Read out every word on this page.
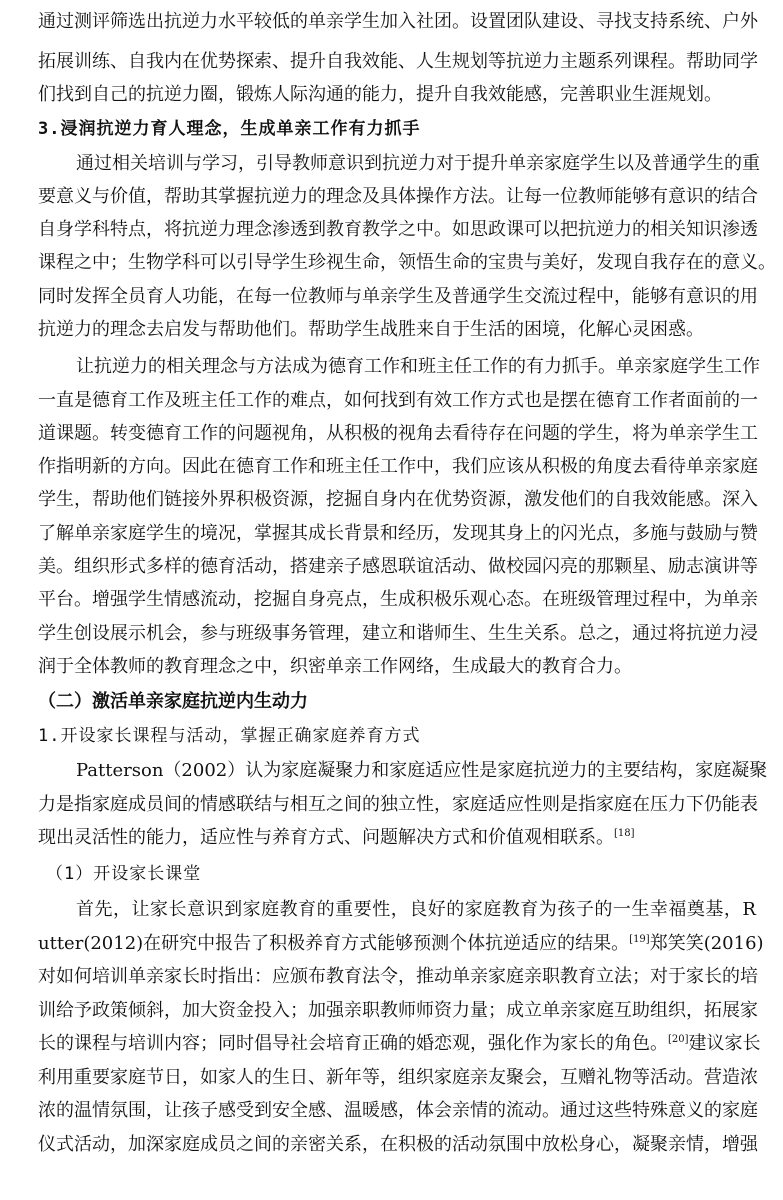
通过测评筛选出抗逆力水平较低的单亲学生加入社团。设置团队建设、寻找支持系统、户外
拓展训练、自我内在优势探索、提升自我效能、人生规划等抗逆力主题系列课程。帮助同学
们找到自己的抗逆力圈，锻炼人际沟通的能力，提升自我效能感，完善职业生涯规划。
3.浸润抗逆力育人理念，生成单亲工作有力抓手
通过相关培训与学习，引导教师意识到抗逆力对于提升单亲家庭学生以及普通学生的重
要意义与价值，帮助其掌握抗逆力的理念及具体操作方法。让每一位教师能够有意识的结合
自身学科特点，将抗逆力理念渗透到教育教学之中。如思政课可以把抗逆力的相关知识渗透
课程之中；生物学科可以引导学生珍视生命，领悟生命的宝贵与美好，发现自我存在的意义。
同时发挥全员育人功能，在每一位教师与单亲学生及普通学生交流过程中，能够有意识的用
抗逆力的理念去启发与帮助他们。帮助学生战胜来自于生活的困境，化解心灵困惑。
让抗逆力的相关理念与方法成为德育工作和班主任工作的有力抓手。单亲家庭学生工作
一直是德育工作及班主任工作的难点，如何找到有效工作方式也是摆在德育工作者面前的一
道课题。转变德育工作的问题视角，从积极的视角去看待存在问题的学生，将为单亲学生工
作指明新的方向。因此在德育工作和班主任工作中，我们应该从积极的角度去看待单亲家庭
学生，帮助他们链接外界积极资源，挖掘自身内在优势资源，激发他们的自我效能感。深入
了解单亲家庭学生的境况，掌握其成长背景和经历，发现其身上的闪光点，多施与鼓励与赞
美。组织形式多样的德育活动，搭建亲子感恩联谊活动、做校园闪亮的那颗星、励志演讲等
平台。增强学生情感流动，挖掘自身亮点，生成积极乐观心态。在班级管理过程中，为单亲
学生创设展示机会，参与班级事务管理，建立和谐师生、生生关系。总之，通过将抗逆力浸
润于全体教师的教育理念之中，织密单亲工作网络，生成最大的教育合力。
（二）激活单亲家庭抗逆内生动力
1.开设家长课程与活动，掌握正确家庭养育方式
Patterson（2002）认为家庭凝聚力和家庭适应性是家庭抗逆力的主要结构，家庭凝聚
力是指家庭成员间的情感联结与相互之间的独立性，家庭适应性则是指家庭在压力下仍能表
现出灵活性的能力，适应性与养育方式、问题解决方式和价值观相联系。[18]
（1）开设家长课堂
首先，让家长意识到家庭教育的重要性，良好的家庭教育为孩子的一生幸福奠基，R
utter(2012)在研究中报告了积极养育方式能够预测个体抗逆适应的结果。[19]郑笑笑(2016)
对如何培训单亲家长时指出：应颁布教育法令，推动单亲家庭亲职教育立法；对于家长的培
训给予政策倾斜，加大资金投入；加强亲职教师师资力量；成立单亲家庭互助组织，拓展家
长的课程与培训内容；同时倡导社会培育正确的婚恋观，强化作为家长的角色。[20]建议家长
利用重要家庭节日，如家人的生日、新年等，组织家庭亲友聚会，互赠礼物等活动。营造浓
浓的温情氛围，让孩子感受到安全感、温暖感，体会亲情的流动。通过这些特殊意义的家庭
仪式活动，加深家庭成员之间的亲密关系，在积极的活动氛围中放松身心，凝聚亲情，增强
